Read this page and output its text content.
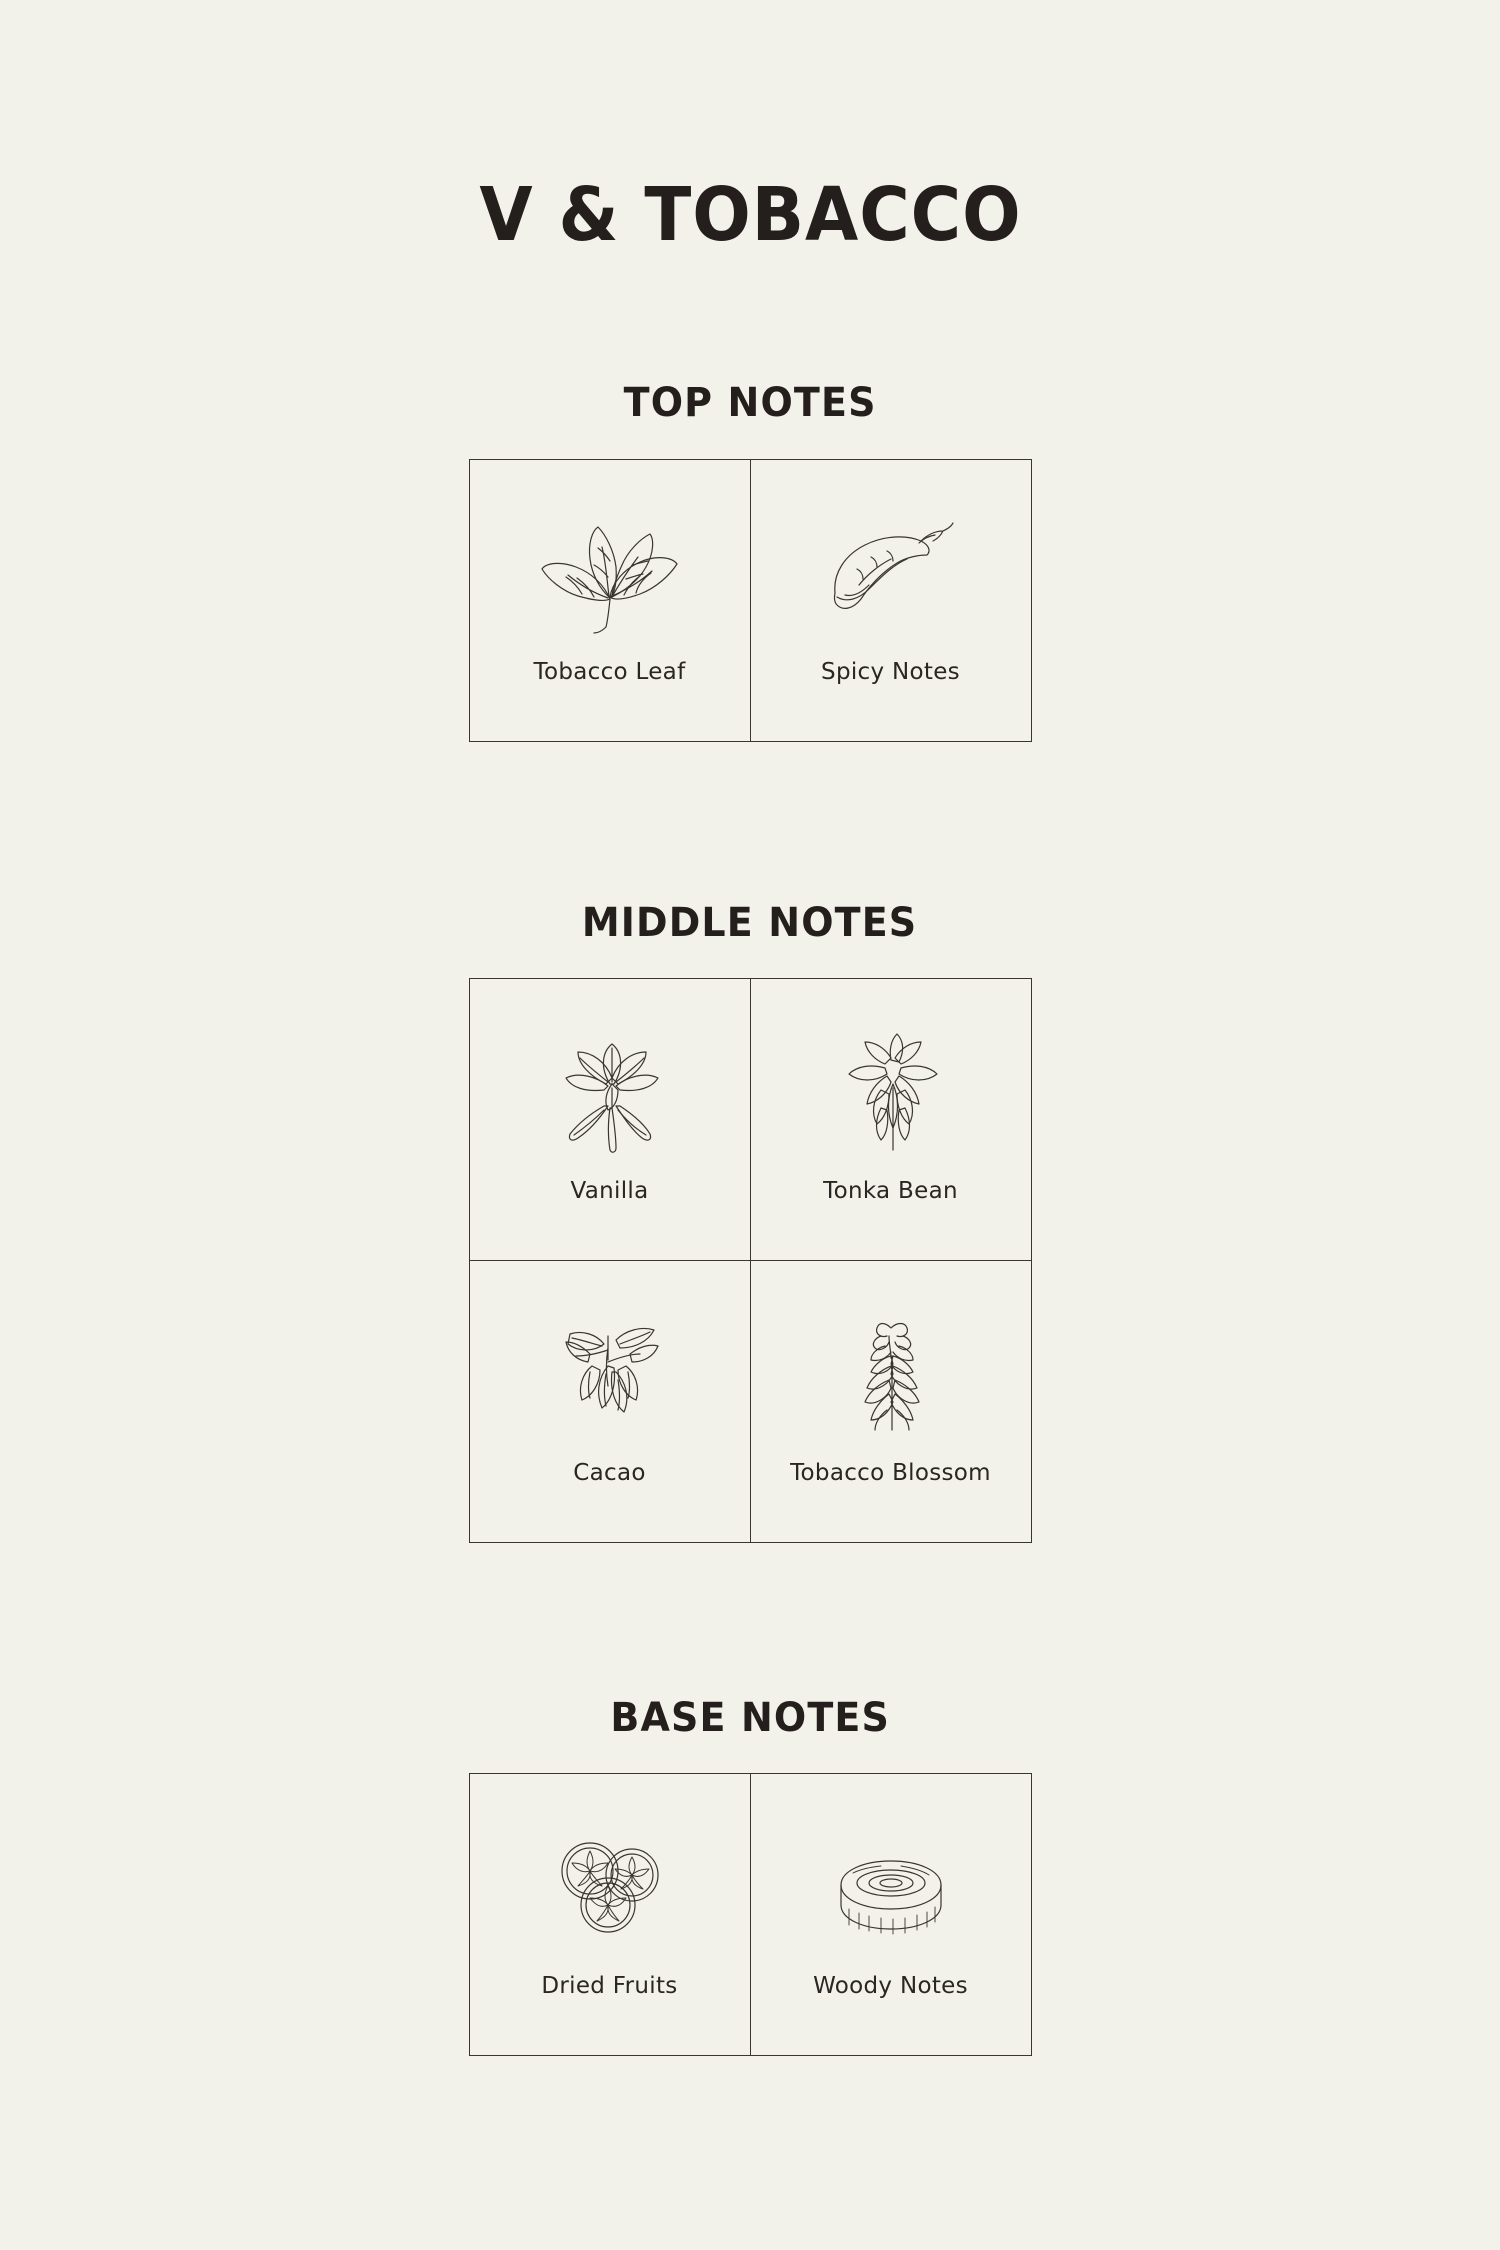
V & TOBACCO
TOP NOTES
Tobacco Leaf	Spicy Notes
MIDDLE NOTES
Vanilla	Tonka Bean
Cacao	Tobacco Blossom
BASE NOTES
Dried Fruits	Woody Notes
